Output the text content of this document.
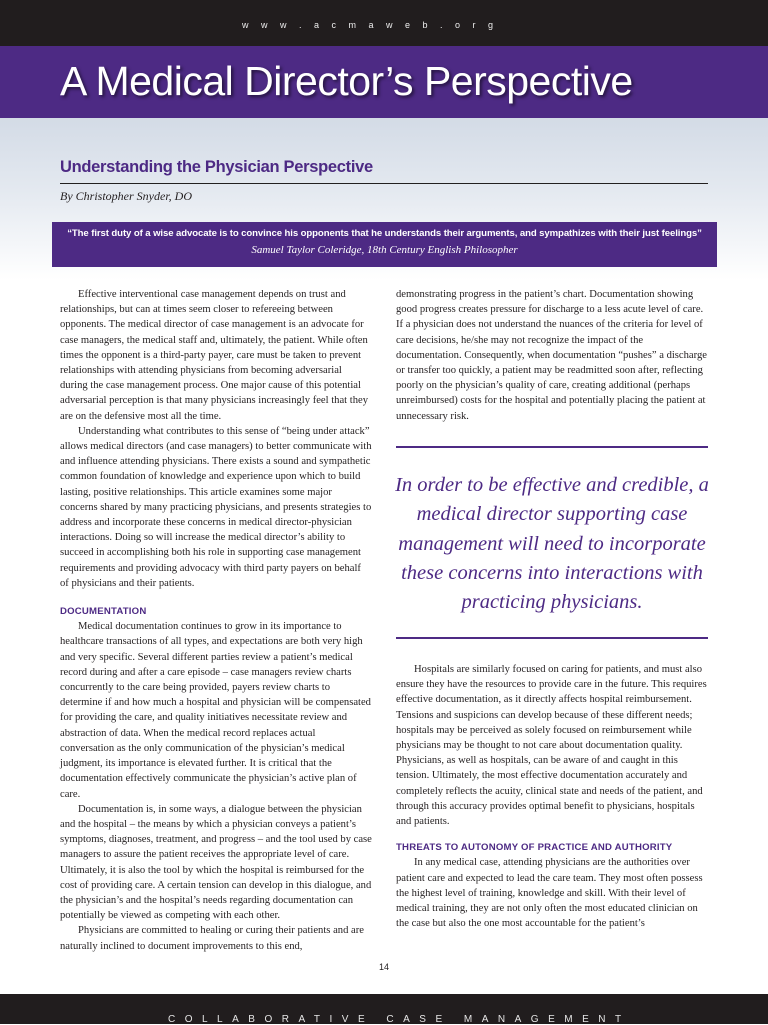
w w w . a c m a w e b . o r g
A Medical Director’s Perspective
Understanding the Physician Perspective
By Christopher Snyder, DO
“The first duty of a wise advocate is to convince his opponents that he understands their arguments, and sympathizes with their just feelings”
Samuel Taylor Coleridge, 18th Century English Philosopher

Effective interventional case management depends on trust and relationships, but can at times seem closer to refereeing between opponents. The medical director of case management is an advocate for case managers, the medical staff and, ultimately, the patient. While often times the opponent is a third-party payer, care must be taken to prevent relationships with attending physicians from becoming adversarial during the case management process. One major cause of this potential adversarial perception is that many physicians increasingly feel that they are on the defensive most all the time.

Understanding what contributes to this sense of “being under attack” allows medical directors (and case managers) to better communicate with and influence attending physicians. There exists a sound and sympathetic common foundation of knowledge and experience upon which to build lasting, positive relationships. This article examines some major concerns shared by many practicing physicians, and presents strategies to address and incorporate these concerns in medical director-physician interactions. Doing so will increase the medical director’s ability to succeed in accomplishing both his role in supporting case management requirements and providing advocacy with third party payers on behalf of physicians and their patients.

DOCUMENTATION

Medical documentation continues to grow in its importance to healthcare transactions of all types, and expectations are both very high and very specific. Several different parties review a patient’s medical record during and after a care episode – case managers review charts concurrently to the care being provided, payers review charts to determine if and how much a hospital and physician will be compensated for providing the care, and quality initiatives necessitate review and abstraction of data. When the medical record replaces actual conversation as the only communication of the physician’s medical judgment, its importance is elevated further. It is critical that the documentation effectively communicate the physician’s active plan of care.

Documentation is, in some ways, a dialogue between the physician and the hospital – the means by which a physician conveys a patient’s symptoms, diagnoses, treatment, and progress – and the tool used by case managers to assure the patient receives the appropriate level of care. Ultimately, it is also the tool by which the hospital is reimbursed for the cost of providing care. A certain tension can develop in this dialogue, and the physician’s and the hospital’s needs regarding documentation can potentially be viewed as competing with each other.

Physicians are committed to healing or curing their patients and are naturally inclined to document improvements to this end,

demonstrating progress in the patient’s chart. Documentation showing good progress creates pressure for discharge to a less acute level of care. If a physician does not understand the nuances of the criteria for level of care decisions, he/she may not recognize the impact of the documentation. Consequently, when documentation “pushes” a discharge or transfer too quickly, a patient may be readmitted soon after, reflecting poorly on the physician’s quality of care, creating additional (perhaps unreimbursed) costs for the hospital and potentially placing the patient at unnecessary risk.

In order to be effective and credible, a medical director supporting case management will need to incorporate these concerns into interactions with practicing physicians.

Hospitals are similarly focused on caring for patients, and must also ensure they have the resources to provide care in the future. This requires effective documentation, as it directly affects hospital reimbursement. Tensions and suspicions can develop because of these different needs; hospitals may be perceived as solely focused on reimbursement while physicians may be thought to not care about documentation quality. Physicians, as well as hospitals, can be aware of and caught in this tension. Ultimately, the most effective documentation accurately and completely reflects the acuity, clinical state and needs of the patient, and through this accuracy provides optimal benefit to physicians, hospitals and patients.

THREATS TO AUTONOMY OF PRACTICE AND AUTHORITY

In any medical case, attending physicians are the authorities over patient care and expected to lead the care team. They most often possess the highest level of training, knowledge and skill. With their level of medical training, they are not only often the most educated clinician on the case but also the one most accountable for the patient’s

14
COLLABORATIVE CASE MANAGEMENT
